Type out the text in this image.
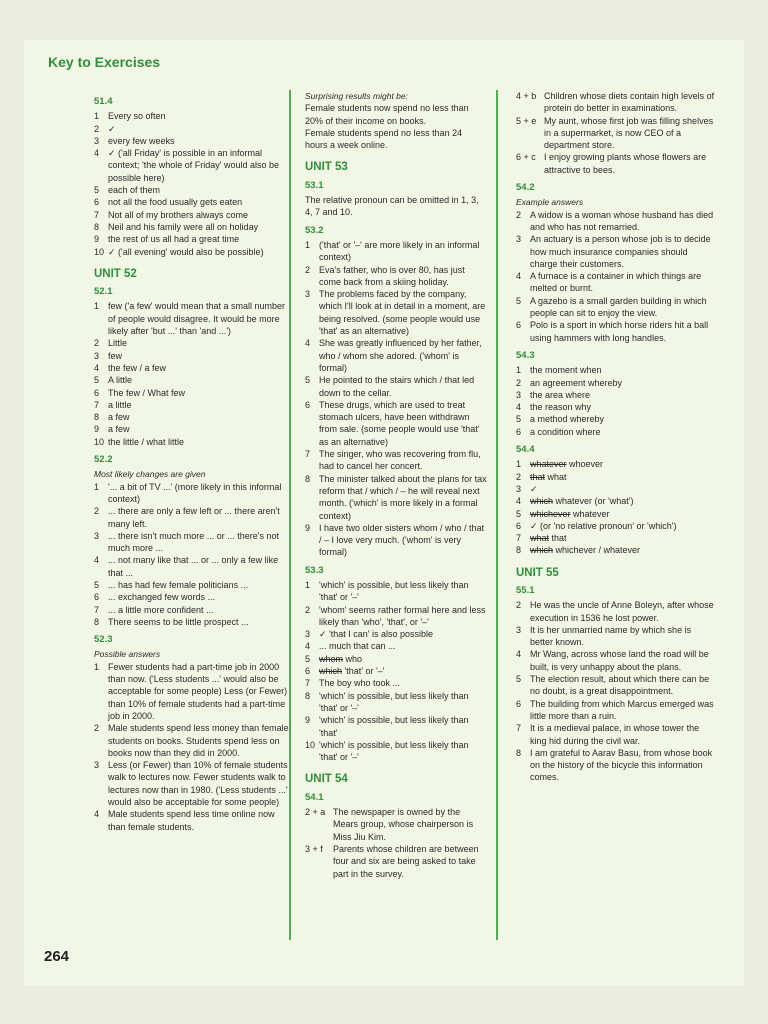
Key to Exercises
51.4
1 Every so often
2 ✓
3 every few weeks
4 ✓ ('all Friday' is possible in an informal context; 'the whole of Friday' would also be possible here)
5 each of them
6 not all the food usually gets eaten
7 Not all of my brothers always come
8 Neil and his family were all on holiday
9 the rest of us all had a great time
10 ✓ ('all evening' would also be possible)
UNIT 52
52.1
1 few ('a few' would mean that a small number of people would disagree. It would be more likely after 'but ...' than 'and ...')
2 Little
3 few
4 the few / a few
5 A little
6 The few / What few
7 a little
8 a few
9 a few
10 the little / what little
52.2
Most likely changes are given
1 '... a bit of TV ...' (more likely in this informal context)
2 ... there are only a few left or ... there aren't many left.
3 ... there isn't much more ... or ... there's not much more ...
4 ... not many like that ... or ... only a few like that ...
5 ... has had few female politicians ...
6 ... exchanged few words ...
7 ... a little more confident ...
8 There seems to be little prospect ...
52.3
Possible answers
1 Fewer students had a part-time job in 2000 than now. ('Less students ...' would also be acceptable for some people) Less (or Fewer) than 10% of female students had a part-time job in 2000.
2 Male students spend less money than female students on books. Students spend less on books now than they did in 2000.
3 Less (or Fewer) than 10% of female students walk to lectures now. Fewer students walk to lectures now than in 1980. ('Less students ...' would also be acceptable for some people)
4 Male students spend less time online now than female students.
Surprising results might be:
Female students now spend no less than 20% of their income on books.
Female students spend no less than 24 hours a week online.
UNIT 53
53.1
The relative pronoun can be omitted in 1, 3, 4, 7 and 10.
53.2
1 ('that' or '–' are more likely in an informal context)
2 Eva's father, who is over 80, has just come back from a skiing holiday.
3 The problems faced by the company, which I'll look at in detail in a moment, are being resolved. (some people would use 'that' as an alternative)
4 She was greatly influenced by her father, who / whom she adored. ('whom' is formal)
5 He pointed to the stairs which / that led down to the cellar.
6 These drugs, which are used to treat stomach ulcers, have been withdrawn from sale. (some people would use 'that' as an alternative)
7 The singer, who was recovering from flu, had to cancel her concert.
8 The minister talked about the plans for tax reform that / which / – he will reveal next month. ('which' is more likely in a formal context)
9 I have two older sisters whom / who / that / – I love very much. ('whom' is very formal)
53.3
1 'which' is possible, but less likely than 'that' or '–'
2 'whom' seems rather formal here and less likely than 'who', 'that', or '–'
3 ✓ 'that I can' is also possible
4 ... much that can ...
5 whom who
6 which 'that' or '–'
7 The boy who took ...
8 'which' is possible, but less likely than 'that' or '–'
9 'which' is possible, but less likely than 'that'
10 'which' is possible, but less likely than 'that' or '–'
UNIT 54
54.1
2 + a The newspaper is owned by the Mears group, whose chairperson is Miss Jiu Kim.
3 + f	Parents whose children are between four and six are being asked to take part in the survey.
4 + b Children whose diets contain high levels of protein do better in examinations.
5 + e My aunt, whose first job was filling shelves in a supermarket, is now CEO of a department store.
6 + c I enjoy growing plants whose flowers are attractive to bees.
54.2
Example answers
2 A widow is a woman whose husband has died and who has not remarried.
3 An actuary is a person whose job is to decide how much insurance companies should charge their customers.
4 A furnace is a container in which things are melted or burnt.
5 A gazebo is a small garden building in which people can sit to enjoy the view.
6 Polo is a sport in which horse riders hit a ball using hammers with long handles.
54.3
1 the moment when
2 an agreement whereby
3 the area where
4 the reason why
5 a method whereby
6 a condition where
54.4
1 whatever whoever
2 that what
3 ✓
4 which whatever (or 'what')
5 whichever whatever
6 ✓ (or 'no relative pronoun' or 'which')
7 what that
8 which whichever / whatever
UNIT 55
55.1
2 He was the uncle of Anne Boleyn, after whose execution in 1536 he lost power.
3 It is her unmarried name by which she is better known.
4 Mr Wang, across whose land the road will be built, is very unhappy about the plans.
5 The election result, about which there can be no doubt, is a great disappointment.
6 The building from which Marcus emerged was little more than a ruin.
7 It is a medieval palace, in whose tower the king hid during the civil war.
8 I am grateful to Aarav Basu, from whose book on the history of the bicycle this information comes.
264
